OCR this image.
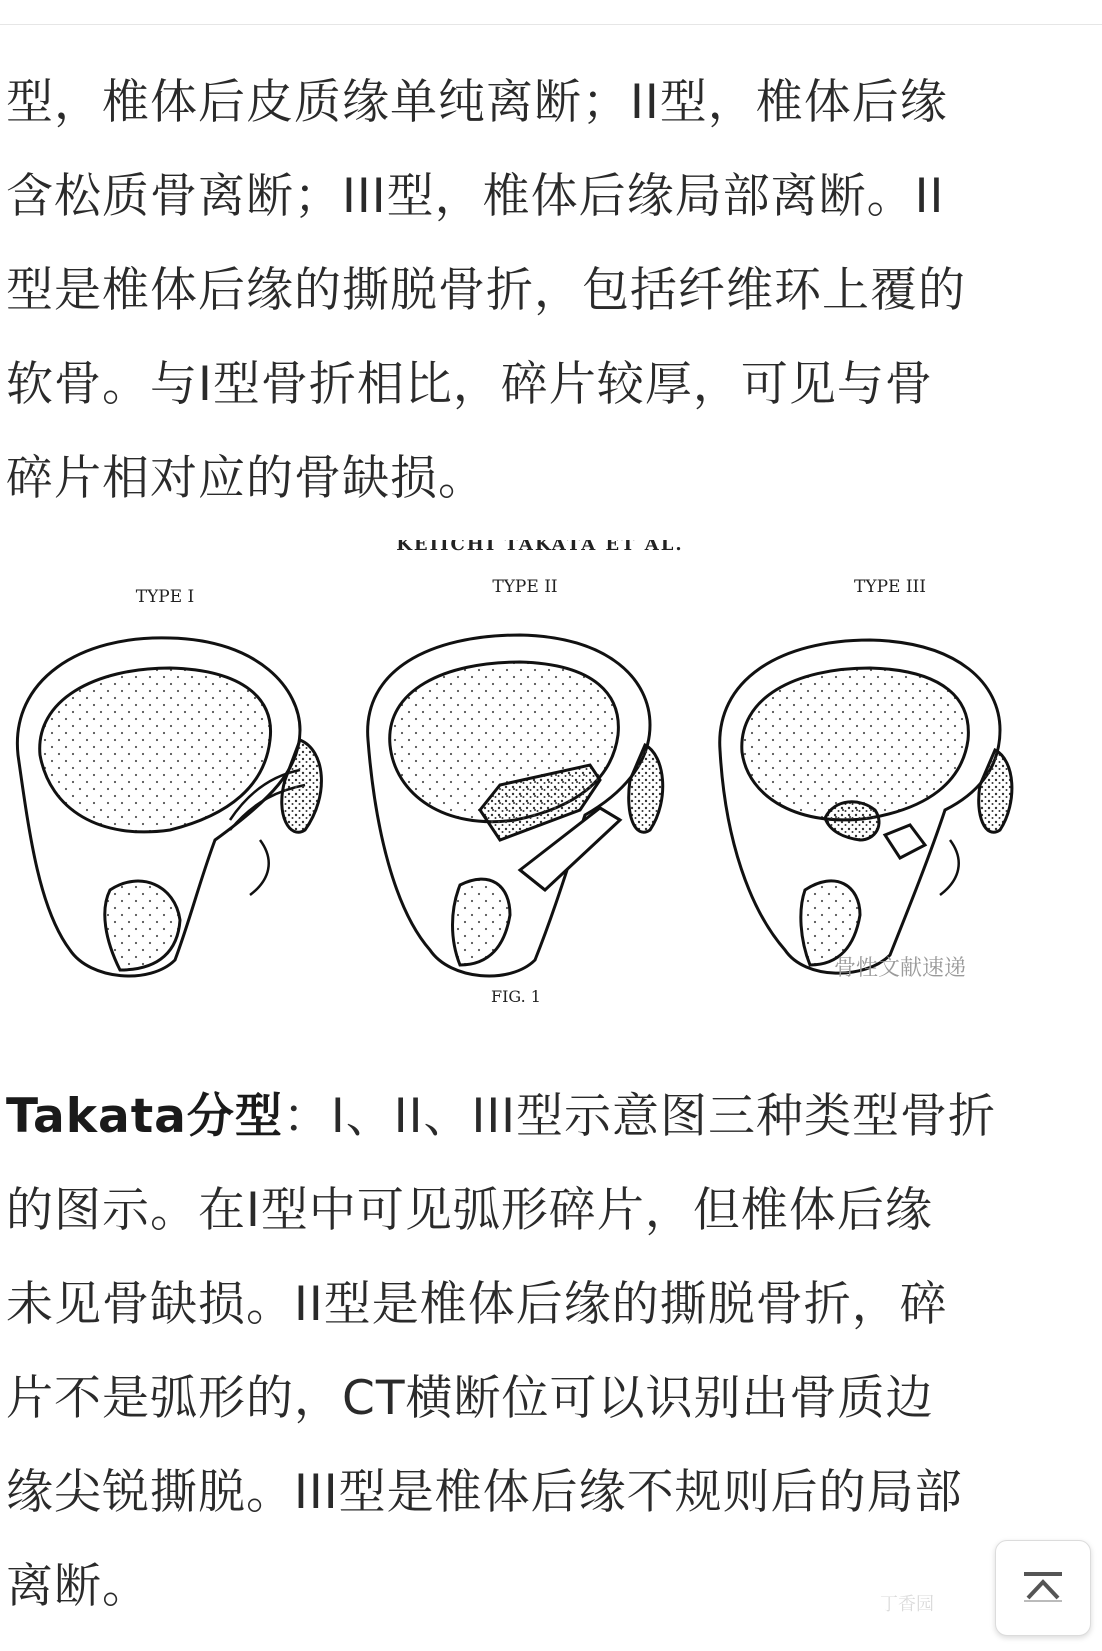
型，椎体后皮质缘单纯离断；II型，椎体后缘
含松质骨离断；III型，椎体后缘局部离断。II
型是椎体后缘的撕脱骨折，包括纤维环上覆的
软骨。与I型骨折相比，碎片较厚，可见与骨
碎片相对应的骨缺损。
KEIICHI TAKATA ET AL.
TYPE I	TYPE II	TYPE III
FIG. 1
骨性文献速递
Takata分型：I、II、III型示意图三种类型骨折
的图示。在I型中可见弧形碎片，但椎体后缘
未见骨缺损。II型是椎体后缘的撕脱骨折，碎
片不是弧形的，CT横断位可以识别出骨质边
缘尖锐撕脱。III型是椎体后缘不规则后的局部
离断。	丁香园
